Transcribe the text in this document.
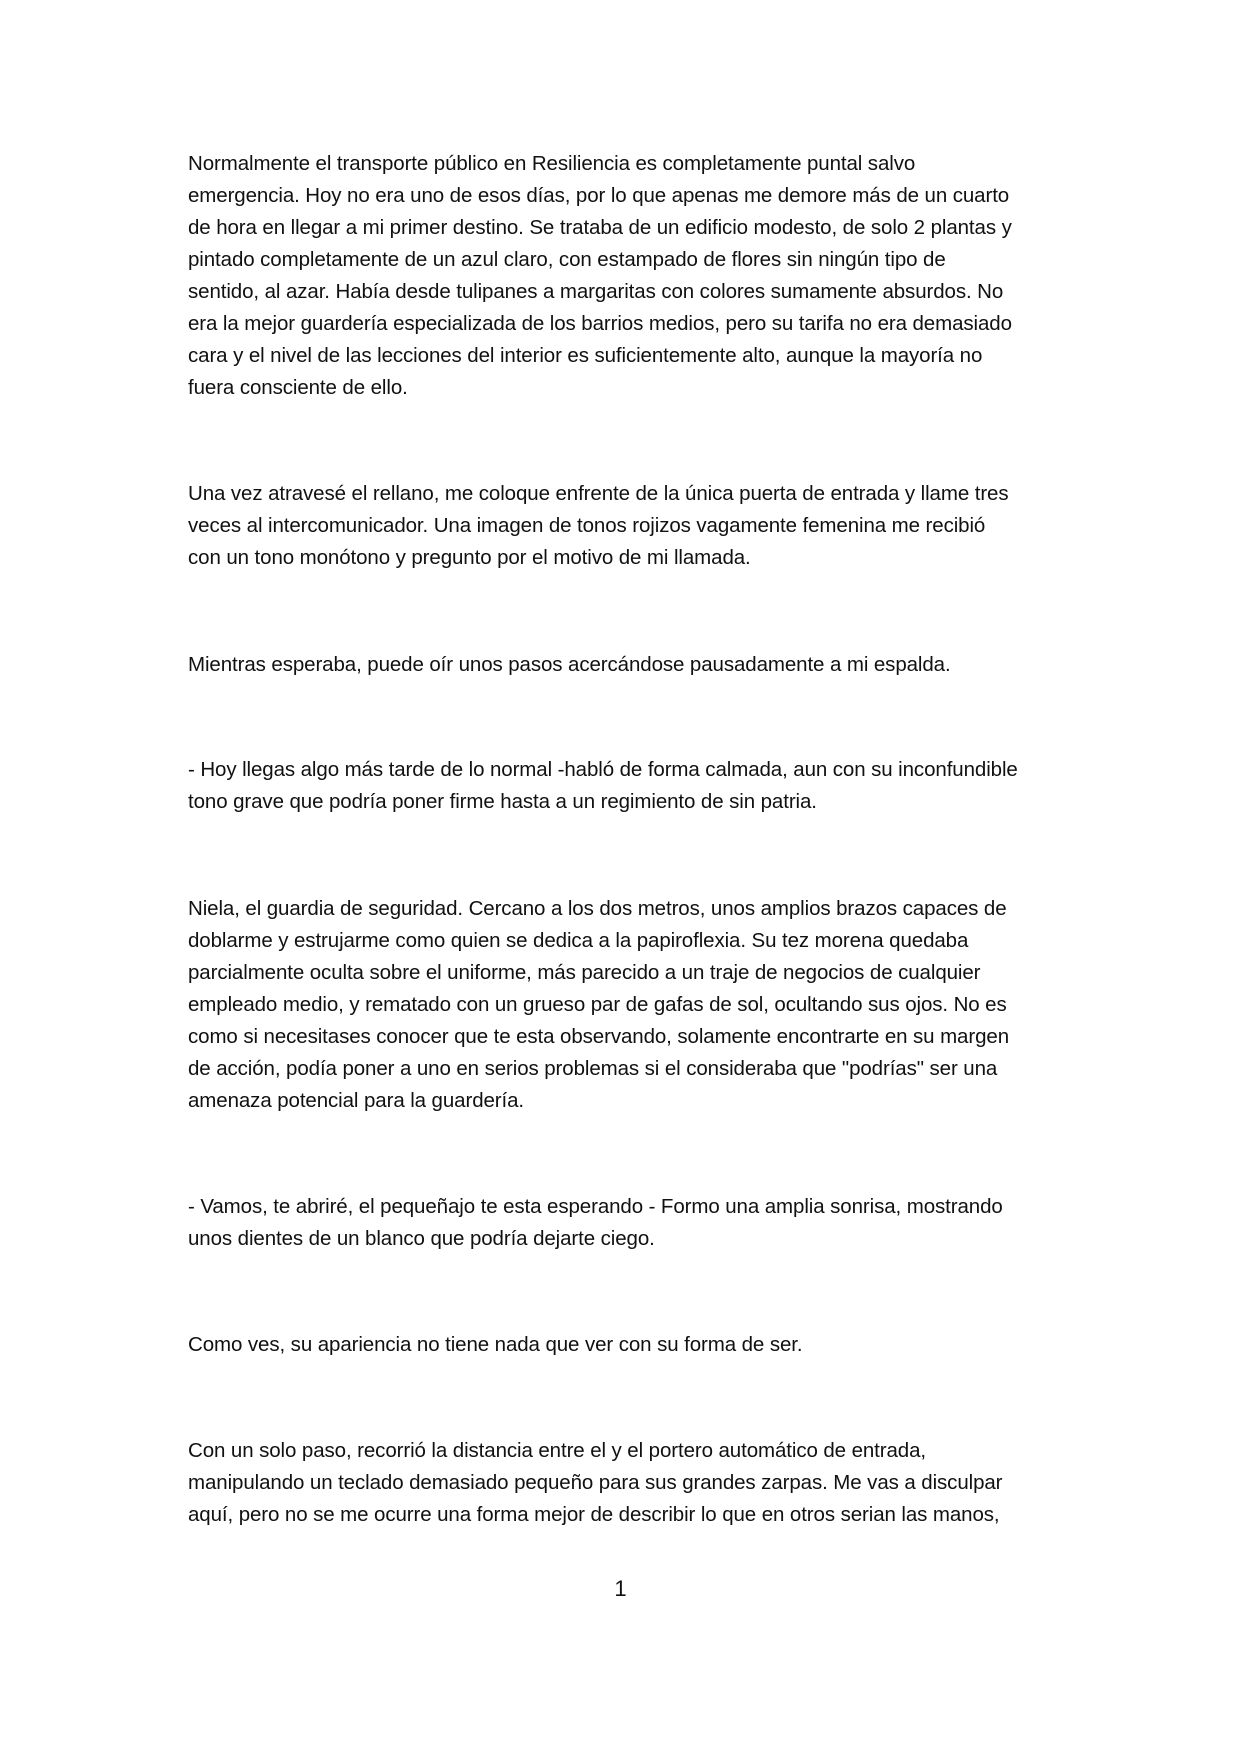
Normalmente el transporte público en Resiliencia es completamente puntal salvo
emergencia. Hoy no era uno de esos días, por lo que apenas me demore más de un cuarto
de hora en llegar a mi primer destino. Se trataba de un edificio modesto, de solo 2 plantas y
pintado completamente de un azul claro, con estampado de flores sin ningún tipo de
sentido, al azar. Había desde tulipanes a margaritas con colores sumamente absurdos. No
era la mejor guardería especializada de los barrios medios, pero su tarifa no era demasiado
cara y el nivel de las lecciones del interior es suficientemente alto, aunque la mayoría no
fuera consciente de ello.

Una vez atravesé el rellano, me coloque enfrente de la única puerta de entrada y llame tres
veces al intercomunicador. Una imagen de tonos rojizos vagamente femenina me recibió
con un tono monótono y pregunto por el motivo de mi llamada.

Mientras esperaba, puede oír unos pasos acercándose pausadamente a mi espalda.

- Hoy llegas algo más tarde de lo normal -habló de forma calmada, aun con su inconfundible
tono grave que podría poner firme hasta a un regimiento de sin patria.

Niela, el guardia de seguridad. Cercano a los dos metros, unos amplios brazos capaces de
doblarme y estrujarme como quien se dedica a la papiroflexia. Su tez morena quedaba
parcialmente oculta sobre el uniforme, más parecido a un traje de negocios de cualquier
empleado medio, y rematado con un grueso par de gafas de sol, ocultando sus ojos. No es
como si necesitases conocer que te esta observando, solamente encontrarte en su margen
de acción, podía poner a uno en serios problemas si el consideraba que "podrías" ser una
amenaza potencial para la guardería.

- Vamos, te abriré, el pequeñajo te esta esperando - Formo una amplia sonrisa, mostrando
unos dientes de un blanco que podría dejarte ciego.

Como ves, su apariencia no tiene nada que ver con su forma de ser.

Con un solo paso, recorrió la distancia entre el y el portero automático de entrada,
manipulando un teclado demasiado pequeño para sus grandes zarpas. Me vas a disculpar
aquí, pero no se me ocurre una forma mejor de describir lo que en otros serian las manos,

1
